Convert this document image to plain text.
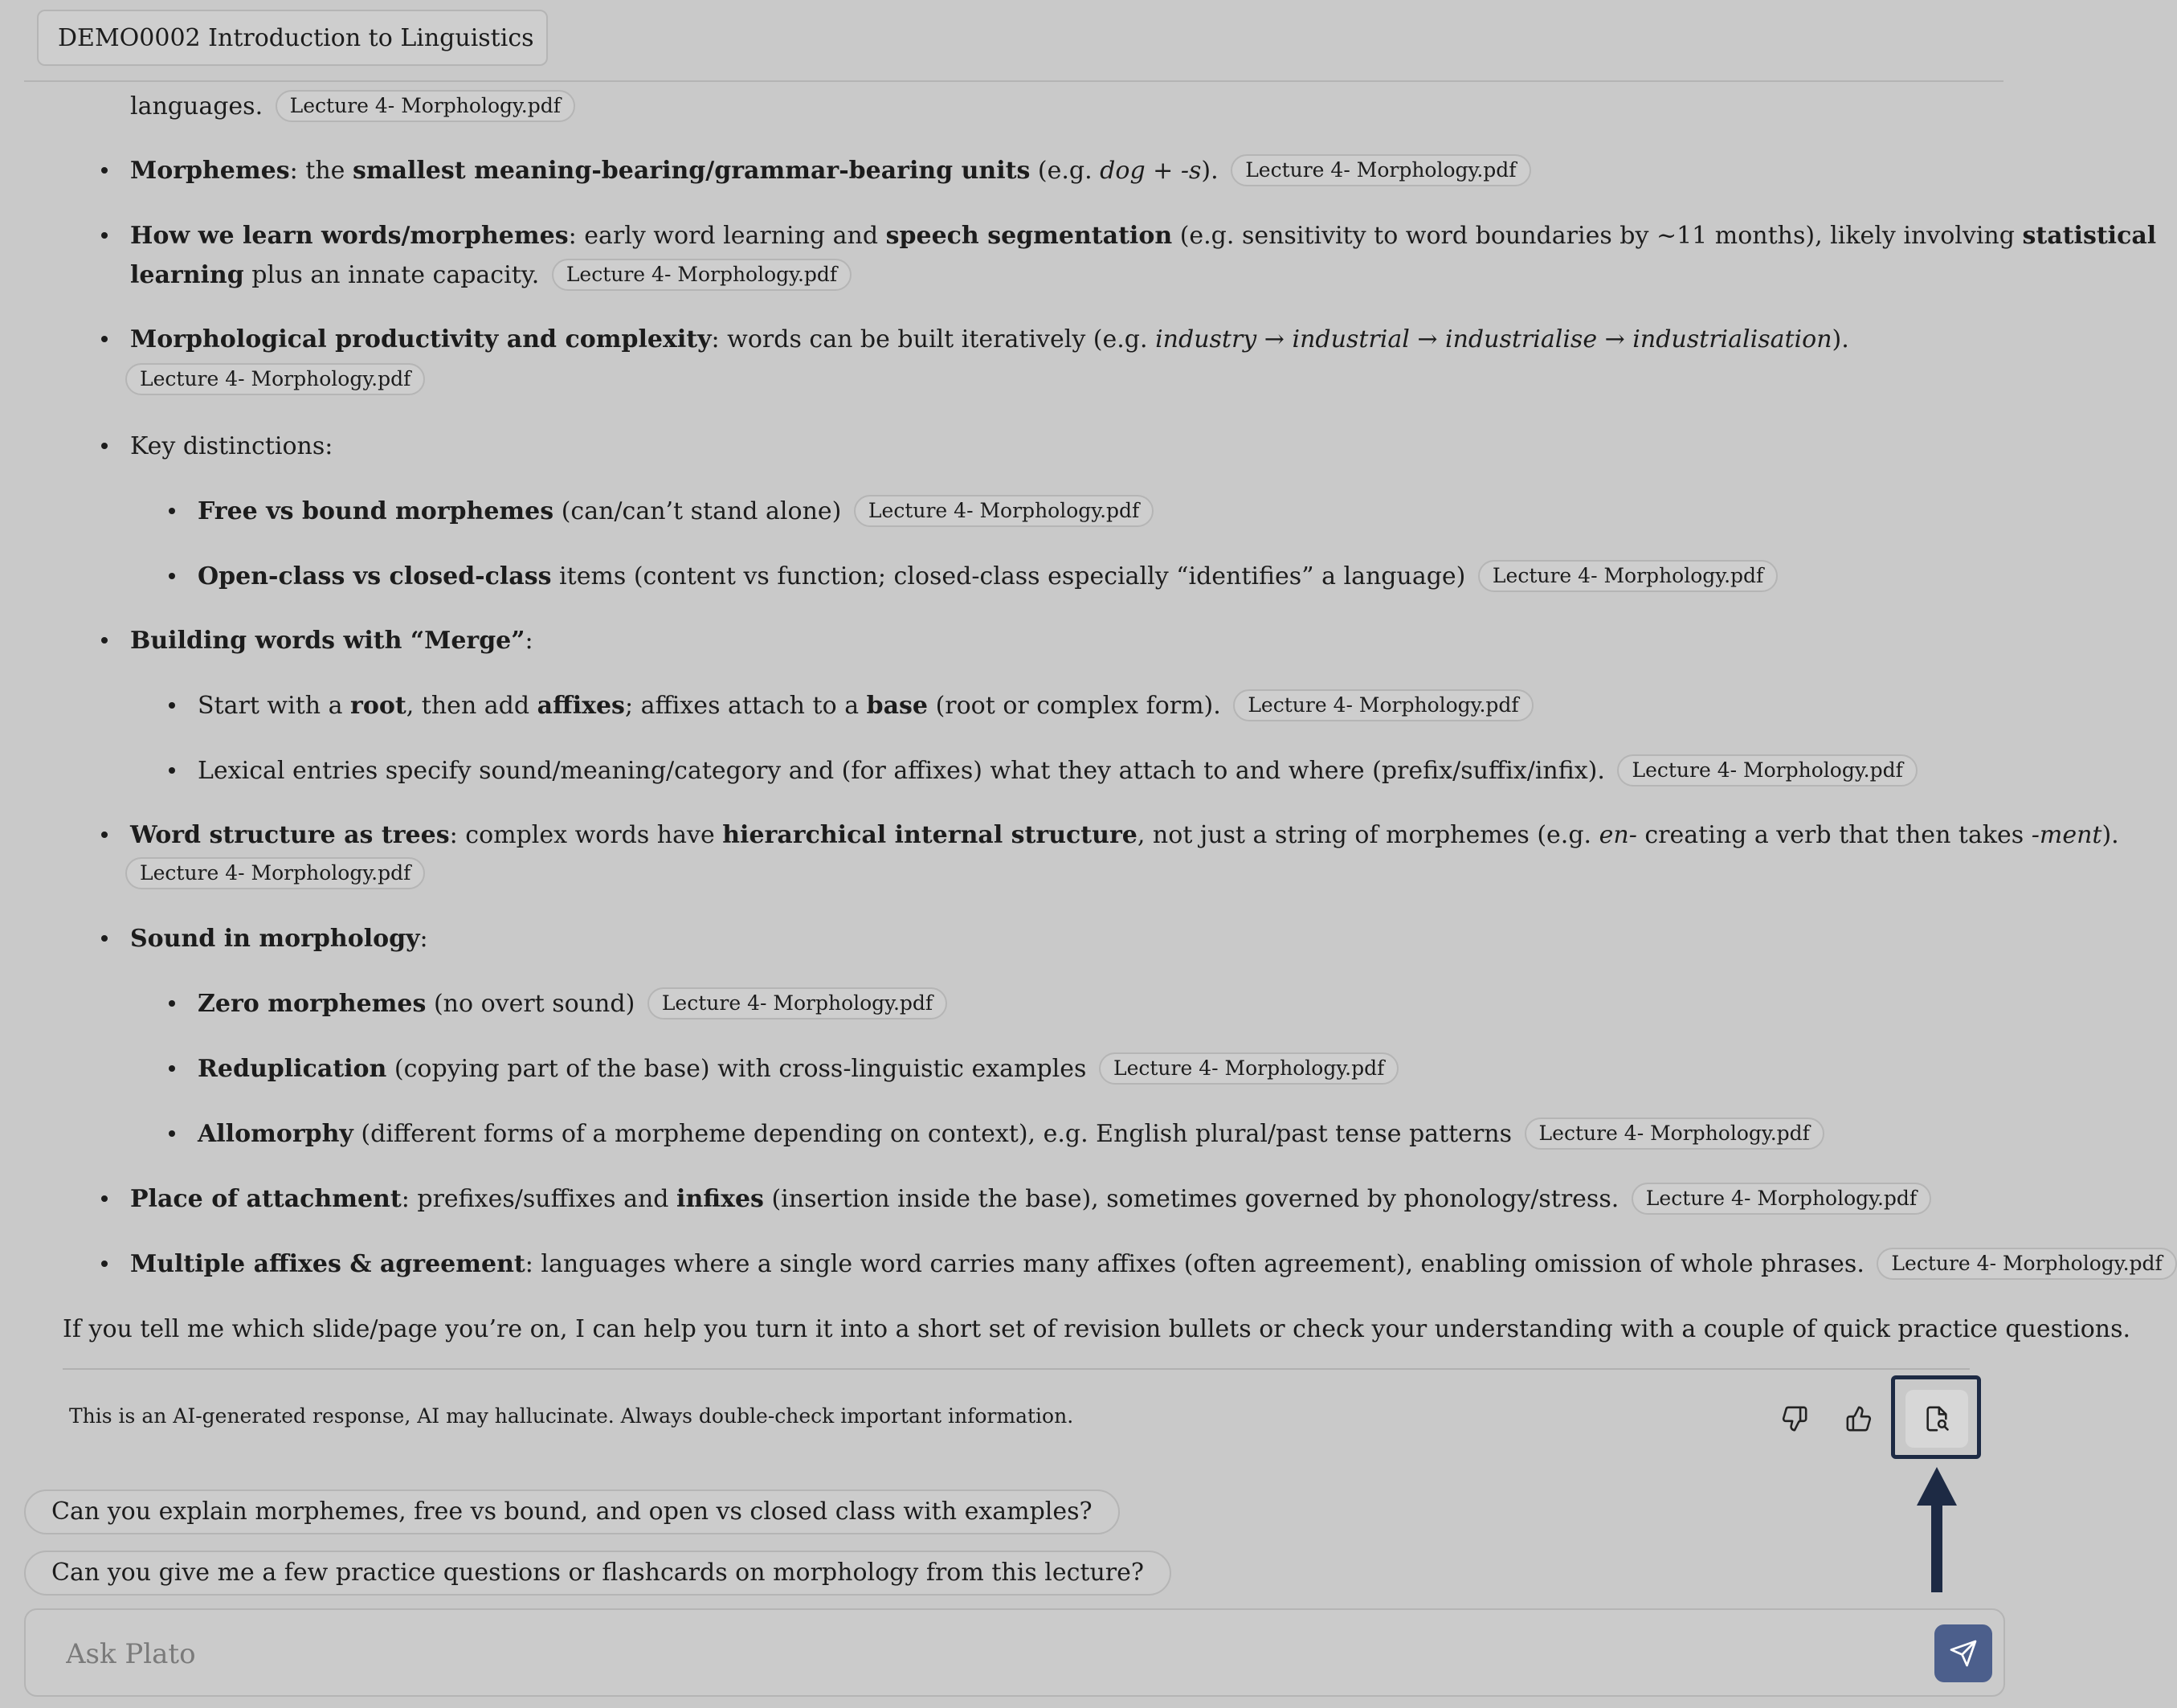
DEMO0002 Introduction to Linguistics
languages. Lecture 4- Morphology.pdf
Morphemes: the smallest meaning-bearing/grammar-bearing units (e.g. dog + -s). Lecture 4- Morphology.pdf
How we learn words/morphemes: early word learning and speech segmentation (e.g. sensitivity to word boundaries by ~11 months), likely involving statistical
learning plus an innate capacity. Lecture 4- Morphology.pdf
Morphological productivity and complexity: words can be built iteratively (e.g. industry → industrial → industrialise → industrialisation).
Lecture 4- Morphology.pdf
Key distinctions:
Free vs bound morphemes (can/can’t stand alone) Lecture 4- Morphology.pdf
Open-class vs closed-class items (content vs function; closed-class especially “identifies” a language) Lecture 4- Morphology.pdf
Building words with “Merge”:
Start with a root, then add affixes; affixes attach to a base (root or complex form). Lecture 4- Morphology.pdf
Lexical entries specify sound/meaning/category and (for affixes) what they attach to and where (prefix/suffix/infix). Lecture 4- Morphology.pdf
Word structure as trees: complex words have hierarchical internal structure, not just a string of morphemes (e.g. en- creating a verb that then takes -ment).
Lecture 4- Morphology.pdf
Sound in morphology:
Zero morphemes (no overt sound) Lecture 4- Morphology.pdf
Reduplication (copying part of the base) with cross-linguistic examples Lecture 4- Morphology.pdf
Allomorphy (different forms of a morpheme depending on context), e.g. English plural/past tense patterns Lecture 4- Morphology.pdf
Place of attachment: prefixes/suffixes and infixes (insertion inside the base), sometimes governed by phonology/stress. Lecture 4- Morphology.pdf
Multiple affixes & agreement: languages where a single word carries many affixes (often agreement), enabling omission of whole phrases. Lecture 4- Morphology.pdf
If you tell me which slide/page you’re on, I can help you turn it into a short set of revision bullets or check your understanding with a couple of quick practice questions.
This is an AI-generated response, AI may hallucinate. Always double-check important information.
Can you explain morphemes, free vs bound, and open vs closed class with examples?
Can you give me a few practice questions or flashcards on morphology from this lecture?
Ask Plato
